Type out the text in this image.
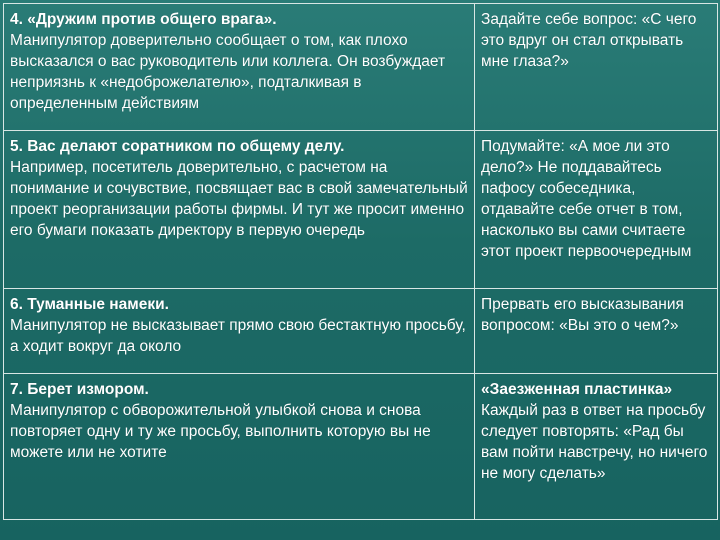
4. «Дружим против общего врага».
Манипулятор доверительно сообщает о том, как плохо высказался о вас руководитель или коллега. Он возбуждает неприязнь к «недоброжелателю», подталкивая в определенным действиям	Задайте себе вопрос: «С чего это вдруг он стал открывать мне глаза?»

5. Вас делают соратником по общему делу.
Например, посетитель доверительно, с расчетом на понимание и сочувствие, посвящает вас в свой замечательный проект реорганизации работы фирмы. И тут же просит именно его бумаги показать директору в первую очередь	Подумайте: «А мое ли это дело?» Не поддавайтесь пафосу собеседника, отдавайте себе отчет в том, насколько вы сами считаете этот проект первоочередным

6. Туманные намеки.
Манипулятор не высказывает прямо свою бестактную просьбу, а ходит вокруг да около	Прервать его высказывания вопросом: «Вы это о чем?»

7. Берет измором.
Манипулятор с обворожительной улыбкой снова и снова повторяет одну и ту же просьбу, выполнить которую вы не можете или не хотите	«Заезженная пластинка»
Каждый раз в ответ на просьбу следует повторять: «Рад бы вам пойти навстречу, но ничего не могу сделать»
